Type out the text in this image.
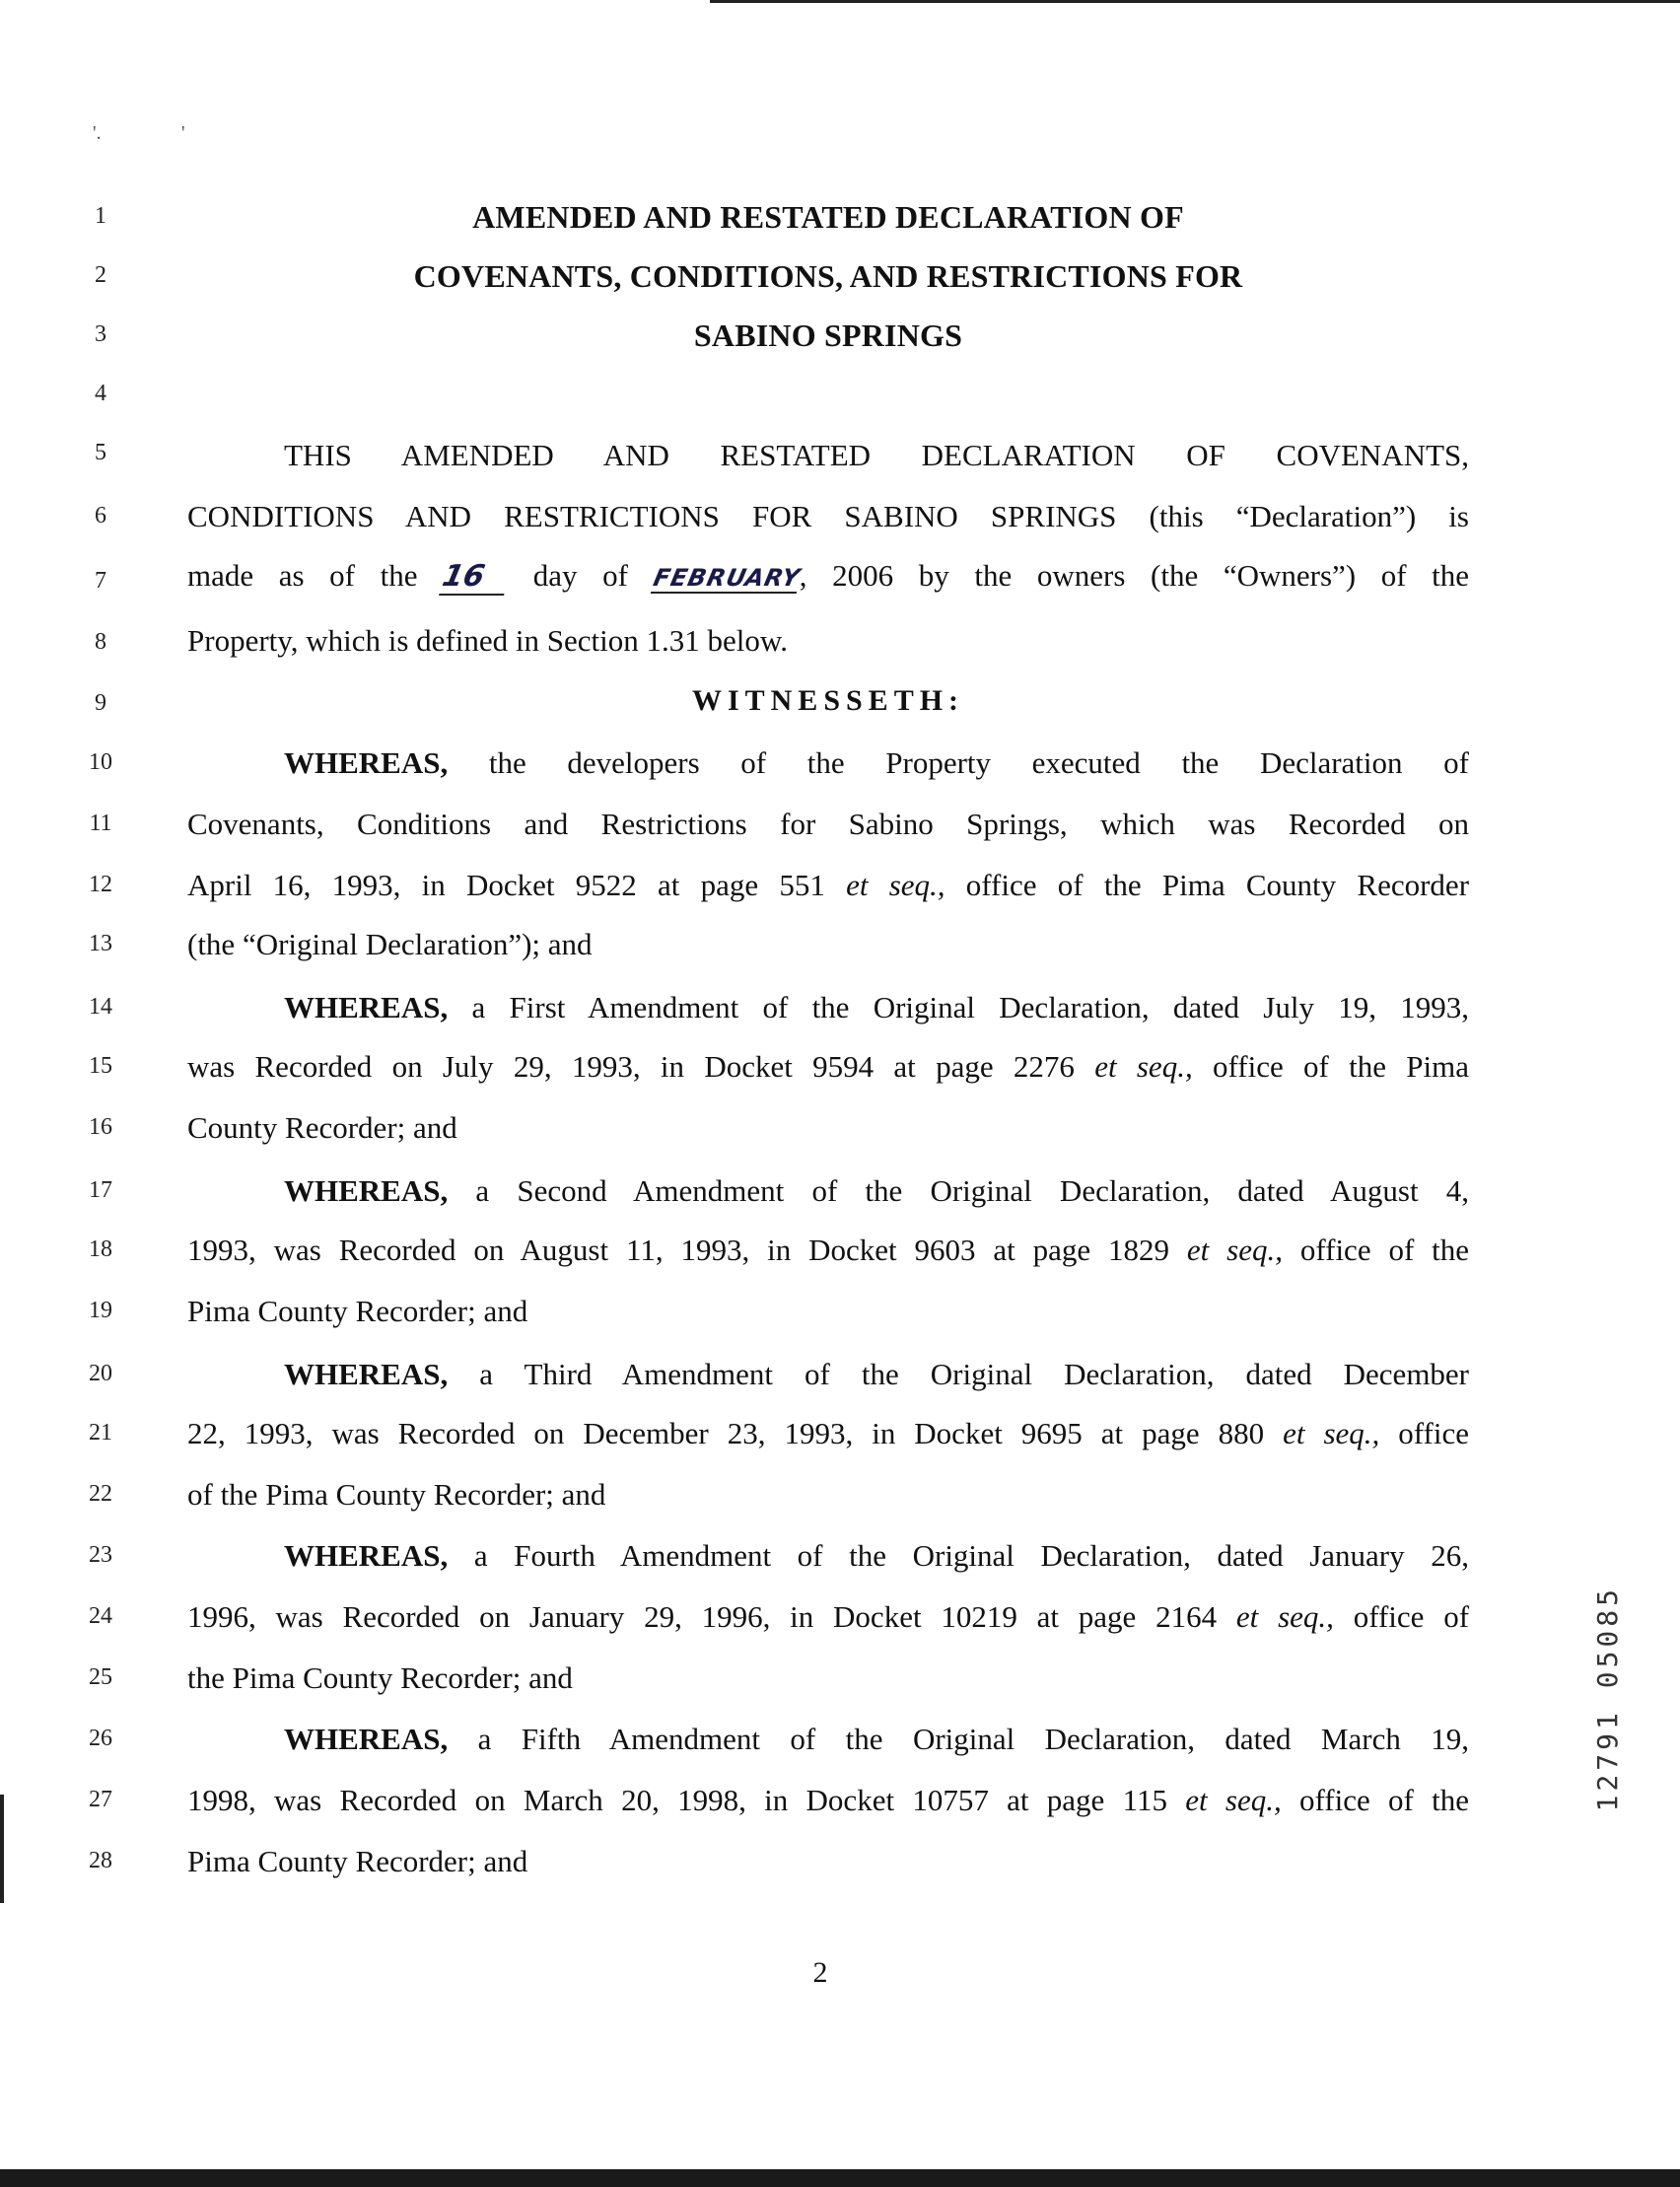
'.	'
1
2
3
4
5
6
7
8
9
10
11
12
13
14
15
16
17
18
19
20
21
22
23
24
25
26
27
28
AMENDED AND RESTATED DECLARATION OF
COVENANTS, CONDITIONS, AND RESTRICTIONS FOR
SABINO SPRINGS
THIS AMENDED AND RESTATED DECLARATION OF COVENANTS,
CONDITIONS AND RESTRICTIONS FOR SABINO SPRINGS (this “Declaration”) is
made as of the 16 day of FEBRUARY, 2006 by the owners (the “Owners”) of the
Property, which is defined in Section 1.31 below.
WITNESSETH:
WHEREAS, the developers of the Property executed the Declaration of
Covenants, Conditions and Restrictions for Sabino Springs, which was Recorded on
April 16, 1993, in Docket 9522 at page 551 et seq., office of the Pima County Recorder
(the “Original Declaration”); and
WHEREAS, a First Amendment of the Original Declaration, dated July 19, 1993,
was Recorded on July 29, 1993, in Docket 9594 at page 2276 et seq., office of the Pima
County Recorder; and
WHEREAS, a Second Amendment of the Original Declaration, dated August 4,
1993, was Recorded on August 11, 1993, in Docket 9603 at page 1829 et seq., office of the
Pima County Recorder; and
WHEREAS, a Third Amendment of the Original Declaration, dated December
22, 1993, was Recorded on December 23, 1993, in Docket 9695 at page 880 et seq., office
of the Pima County Recorder; and
WHEREAS, a Fourth Amendment of the Original Declaration, dated January 26,
1996, was Recorded on January 29, 1996, in Docket 10219 at page 2164 et seq., office of
the Pima County Recorder; and
WHEREAS, a Fifth Amendment of the Original Declaration, dated March 19,
1998, was Recorded on March 20, 1998, in Docket 10757 at page 115 et seq., office of the
Pima County Recorder; and
2
12791 05085
